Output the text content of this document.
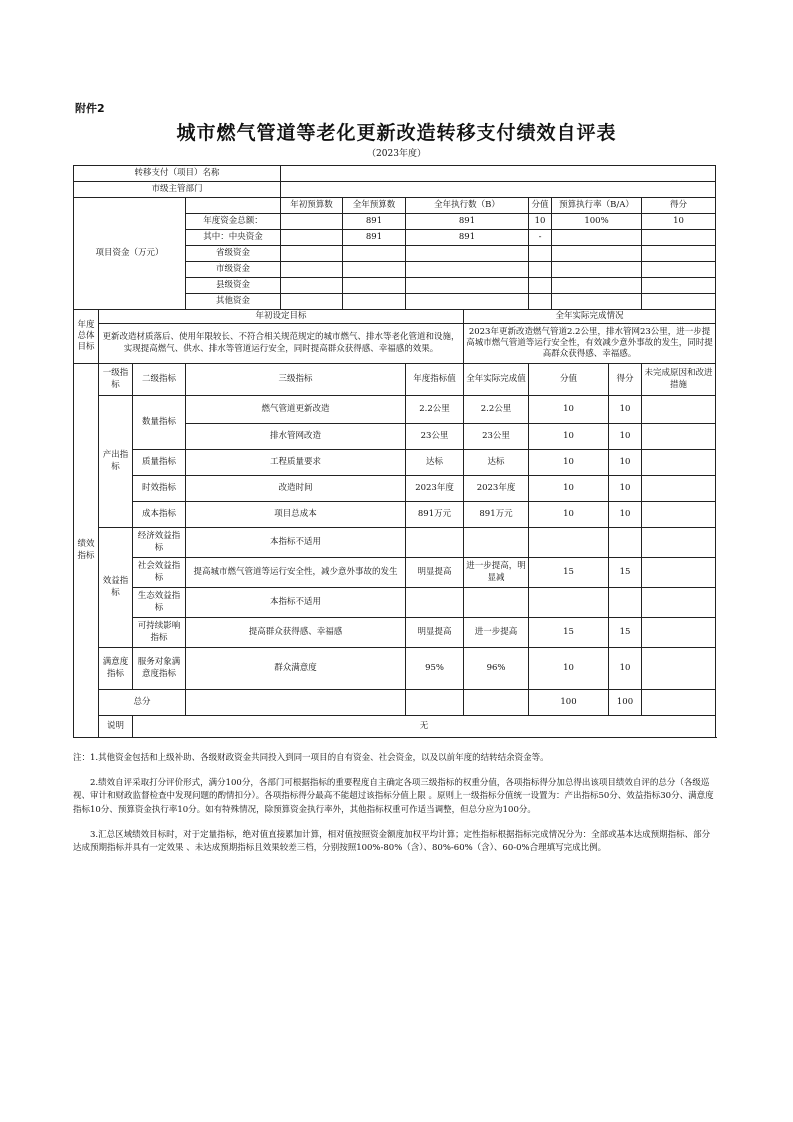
附件2
城市燃气管道等老化更新改造转移支付绩效自评表
（2023年度）
转移支付（项目）名称											
市级主管部门											
项目资金（万元）				年初预算数	全年预算数	全年执行数（B）		分值	预算执行率（B/A）		得分
			年度资金总额：		891	891		10	100%		10
			其中：中央资金		891	891		-			
			省级资金								
			市级资金								
			县级资金								
			其他资金								
年度总体目标	年初设定目标						全年实际完成情况				
	更新改造材质落后、使用年限较长、不符合相关规范规定的城市燃气、排水等老化管道和设施，实现提高燃气、供水、排水等管道运行安全，同时提高群众获得感、幸福感的效果。						2023年更新改造燃气管道2.2公里，排水管网23公里，进一步提高城市燃气管道等运行安全性，有效减少意外事故的发生，同时提高群众获得感、幸福感。				
绩效指标	一级指标	二级指标	三级指标			年度指标值	全年实际完成值	分值		得分	未完成原因和改进措施
	产出指标	数量指标	燃气管道更新改造			2.2公里	2.2公里	10		10	
			排水管网改造			23公里	23公里	10		10	
		质量指标	工程质量要求			达标	达标	10		10	
		时效指标	改造时间			2023年度	2023年度	10		10	
		成本指标	项目总成本			891万元	891万元	10		10	
	效益指标	经济效益指标	本指标不适用								
		社会效益指标	提高城市燃气管道等运行安全性，减少意外事故的发生			明显提高	进一步提高，明显减	15		15	
		生态效益指标	本指标不适用								
		可持续影响指标	提高群众获得感、幸福感			明显提高	进一步提高	15		15	
	满意度指标	服务对象满意度指标	群众满意度			95%	96%	10		10	
	总分							100		100	
	说明	无									

注：1.其他资金包括和上级补助、各级财政资金共同投入到同一项目的自有资金、社会资金，以及以前年度的结转结余资金等。

2.绩效自评采取打分评价形式，满分100分，各部门可根据指标的重要程度自主确定各项三级指标的权重分值，各项指标得分加总得出该项目绩效自评的总分（各级巡视、审计和财政监督检查中发现问题的酌情扣分）。各项指标得分最高不能超过该指标分值上限 。原则上一级指标分值统一设置为：产出指标50分、效益指标30分、满意度指标10分、预算资金执行率10分。如有特殊情况，除预算资金执行率外，其他指标权重可作适当调整，但总分应为100分。

3.汇总区域绩效目标时，对于定量指标，绝对值直接累加计算，相对值按照资金额度加权平均计算；定性指标根据指标完成情况分为：全部或基本达成预期指标、部分达成预期指标并具有一定效果 、未达成预期指标且效果较差三档，分别按照100%-80%（含）、80%-60%（含）、60-0%合理填写完成比例。
